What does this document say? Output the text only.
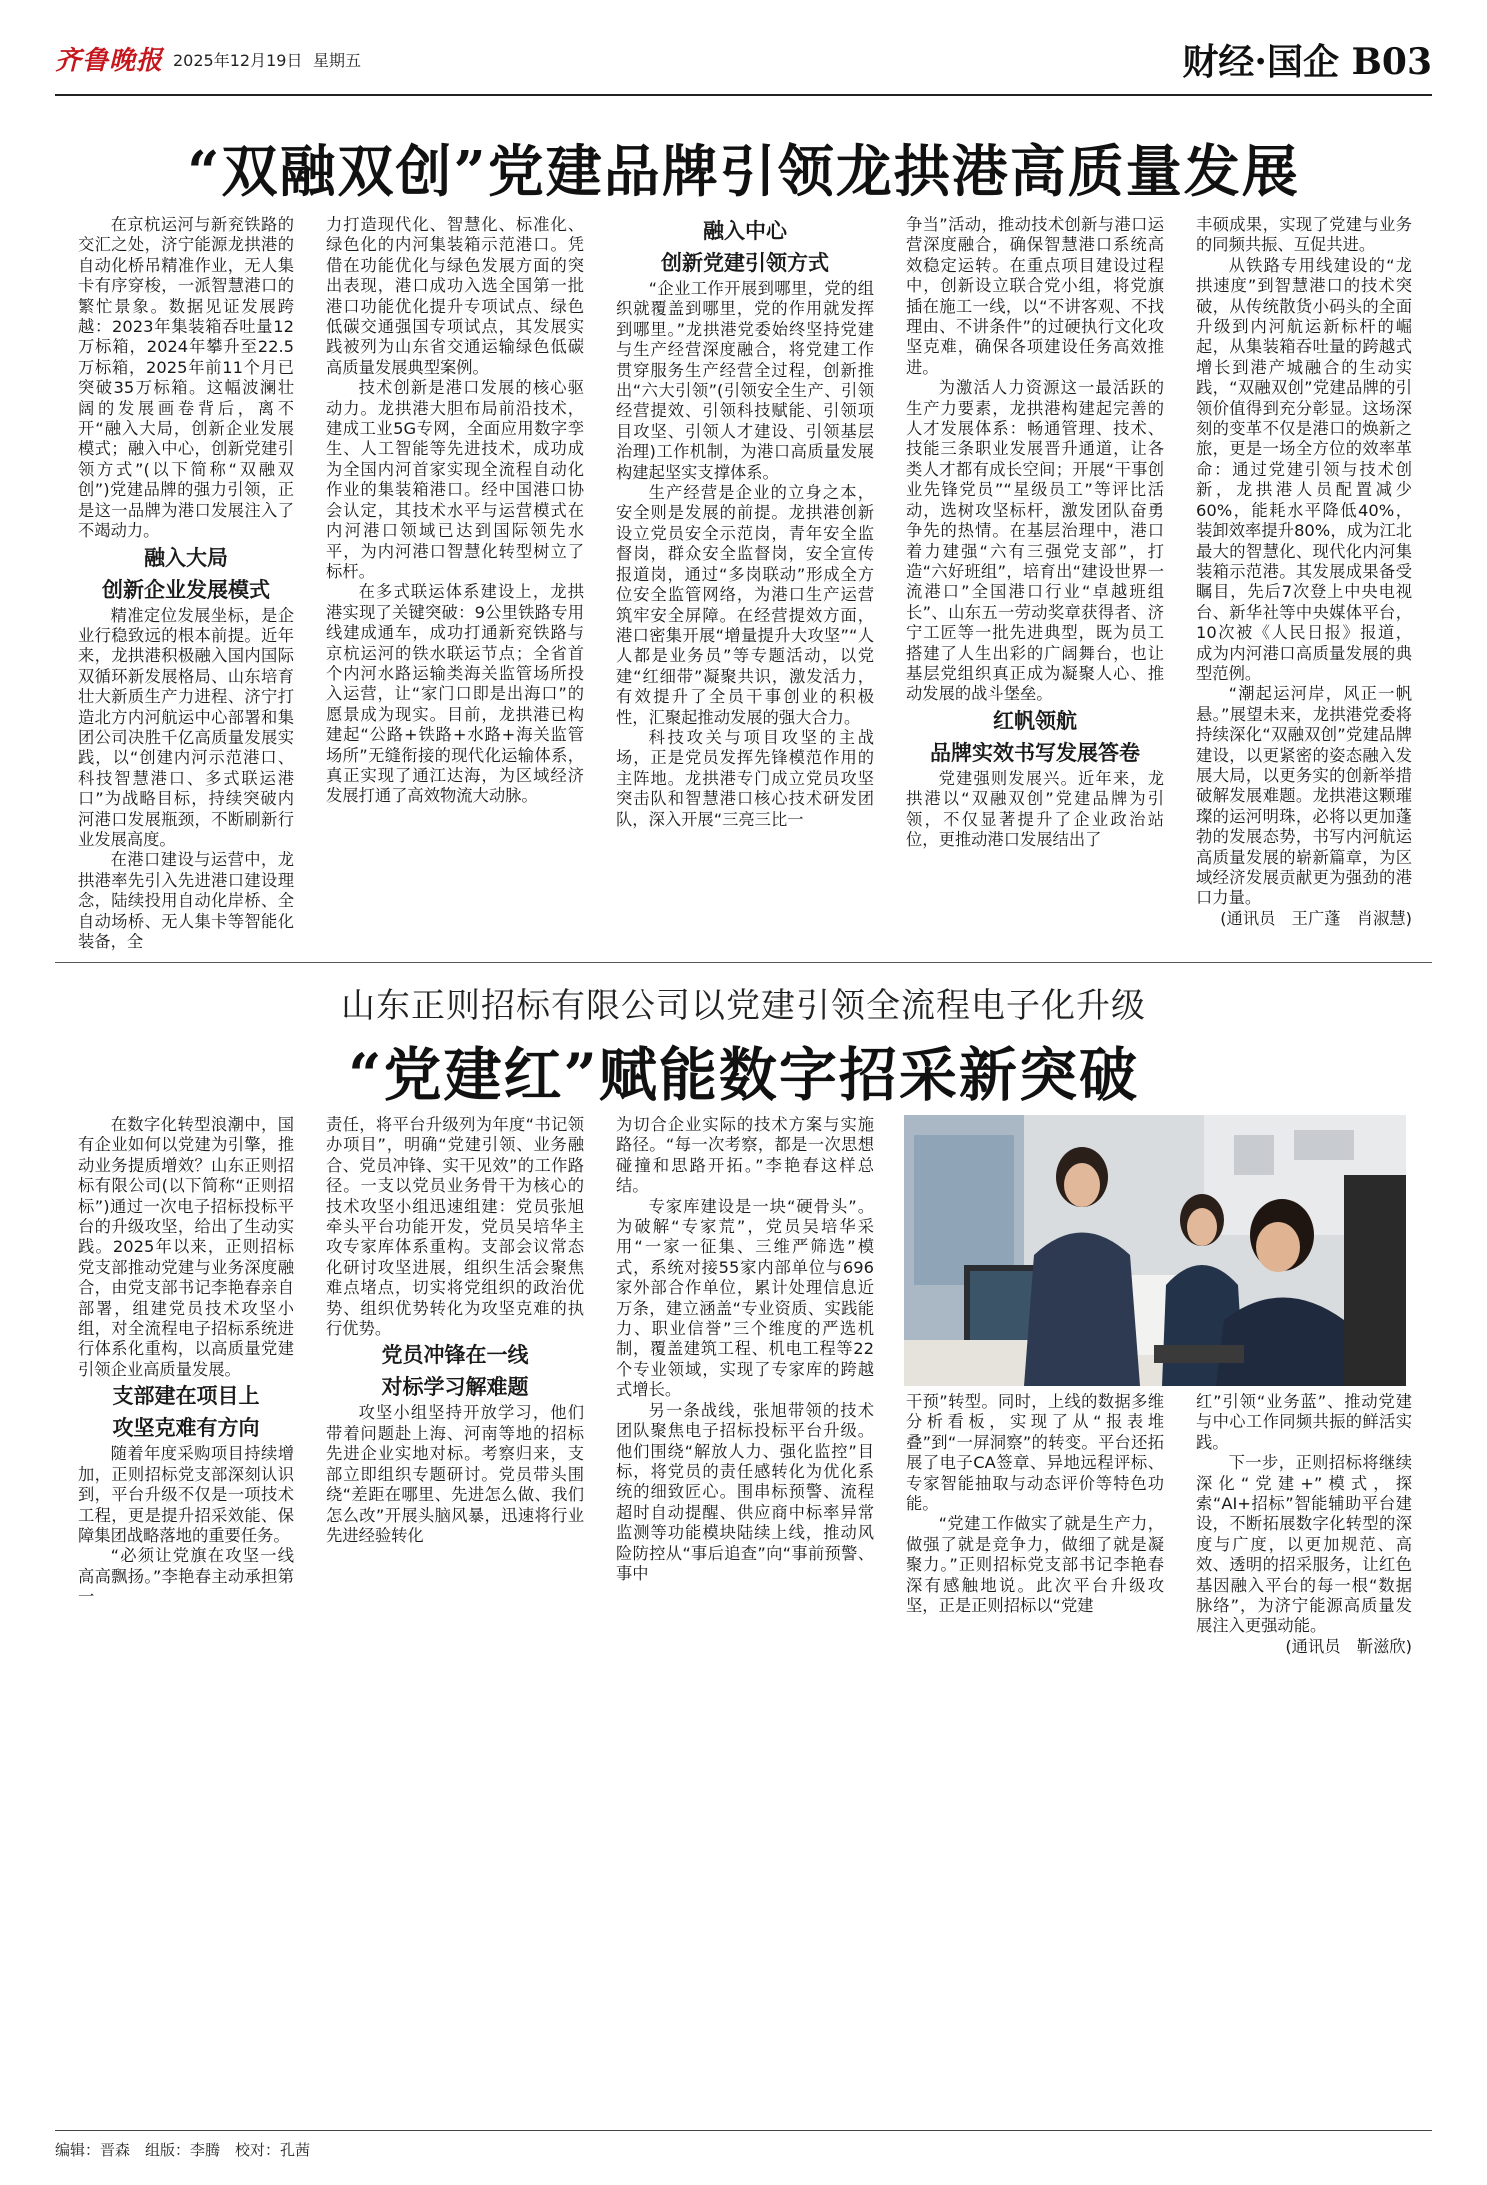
齐鲁晚报 2025年12月19日 星期五	财经·国企 B03
“双融双创”党建品牌引领龙拱港高质量发展

在京杭运河与新兖铁路的交汇之处，济宁能源龙拱港的自动化桥吊精准作业，无人集卡有序穿梭，一派智慧港口的繁忙景象。数据见证发展跨越：2023年集装箱吞吐量12万标箱，2024年攀升至22.5万标箱，2025年前11个月已突破35万标箱。这幅波澜壮阔的发展画卷背后，离不开“融入大局，创新企业发展模式；融入中心，创新党建引领方式”(以下简称“双融双创”)党建品牌的强力引领，正是这一品牌为港口发展注入了不竭动力。

融入大局
创新企业发展模式

精准定位发展坐标，是企业行稳致远的根本前提。近年来，龙拱港积极融入国内国际双循环新发展格局、山东培育壮大新质生产力进程、济宁打造北方内河航运中心部署和集团公司决胜千亿高质量发展实践，以“创建内河示范港口、科技智慧港口、多式联运港口”为战略目标，持续突破内河港口发展瓶颈，不断刷新行业发展高度。

在港口建设与运营中，龙拱港率先引入先进港口建设理念，陆续投用自动化岸桥、全自动场桥、无人集卡等智能化装备，全

力打造现代化、智慧化、标准化、绿色化的内河集装箱示范港口。凭借在功能优化与绿色发展方面的突出表现，港口成功入选全国第一批港口功能优化提升专项试点、绿色低碳交通强国专项试点，其发展实践被列为山东省交通运输绿色低碳高质量发展典型案例。

技术创新是港口发展的核心驱动力。龙拱港大胆布局前沿技术，建成工业5G专网，全面应用数字孪生、人工智能等先进技术，成功成为全国内河首家实现全流程自动化作业的集装箱港口。经中国港口协会认定，其技术水平与运营模式在内河港口领域已达到国际领先水平，为内河港口智慧化转型树立了标杆。

在多式联运体系建设上，龙拱港实现了关键突破：9公里铁路专用线建成通车，成功打通新兖铁路与京杭运河的铁水联运节点；全省首个内河水路运输类海关监管场所投入运营，让“家门口即是出海口”的愿景成为现实。目前，龙拱港已构建起“公路+铁路+水路+海关监管场所”无缝衔接的现代化运输体系，真正实现了通江达海，为区域经济发展打通了高效物流大动脉。

融入中心
创新党建引领方式

“企业工作开展到哪里，党的组织就覆盖到哪里，党的作用就发挥到哪里。”龙拱港党委始终坚持党建与生产经营深度融合，将党建工作贯穿服务生产经营全过程，创新推出“六大引领”(引领安全生产、引领经营提效、引领科技赋能、引领项目攻坚、引领人才建设、引领基层治理)工作机制，为港口高质量发展构建起坚实支撑体系。

生产经营是企业的立身之本，安全则是发展的前提。龙拱港创新设立党员安全示范岗，青年安全监督岗，群众安全监督岗，安全宣传报道岗，通过“多岗联动”形成全方位安全监管网络，为港口生产运营筑牢安全屏障。在经营提效方面，港口密集开展“增量提升大攻坚”“人人都是业务员”等专题活动，以党建“红细带”凝聚共识，激发活力，有效提升了全员干事创业的积极性，汇聚起推动发展的强大合力。

科技攻关与项目攻坚的主战场，正是党员发挥先锋模范作用的主阵地。龙拱港专门成立党员攻坚突击队和智慧港口核心技术研发团队，深入开展“三亮三比一

争当”活动，推动技术创新与港口运营深度融合，确保智慧港口系统高效稳定运转。在重点项目建设过程中，创新设立联合党小组，将党旗插在施工一线，以“不讲客观、不找理由、不讲条件”的过硬执行文化攻坚克难，确保各项建设任务高效推进。

为激活人力资源这一最活跃的生产力要素，龙拱港构建起完善的人才发展体系：畅通管理、技术、技能三条职业发展晋升通道，让各类人才都有成长空间；开展“干事创业先锋党员”“星级员工”等评比活动，选树攻坚标杆，激发团队奋勇争先的热情。在基层治理中，港口着力建强“六有三强党支部”，打造“六好班组”，培育出“建设世界一流港口”全国港口行业“卓越班组长”、山东五一劳动奖章获得者、济宁工匠等一批先进典型，既为员工搭建了人生出彩的广阔舞台，也让基层党组织真正成为凝聚人心、推动发展的战斗堡垒。

红帆领航
品牌实效书写发展答卷

党建强则发展兴。近年来，龙拱港以“双融双创”党建品牌为引领，不仅显著提升了企业政治站位，更推动港口发展结出了

丰硕成果，实现了党建与业务的同频共振、互促共进。

从铁路专用线建设的“龙拱速度”到智慧港口的技术突破，从传统散货小码头的全面升级到内河航运新标杆的崛起，从集装箱吞吐量的跨越式增长到港产城融合的生动实践，“双融双创”党建品牌的引领价值得到充分彰显。这场深刻的变革不仅是港口的焕新之旅，更是一场全方位的效率革命：通过党建引领与技术创新，龙拱港人员配置减少60%，能耗水平降低40%，装卸效率提升80%，成为江北最大的智慧化、现代化内河集装箱示范港。其发展成果备受瞩目，先后7次登上中央电视台、新华社等中央媒体平台，10次被《人民日报》报道，成为内河港口高质量发展的典型范例。

“潮起运河岸，风正一帆悬。”展望未来，龙拱港党委将持续深化“双融双创”党建品牌建设，以更紧密的姿态融入发展大局，以更务实的创新举措破解发展难题。龙拱港这颗璀璨的运河明珠，必将以更加蓬勃的发展态势，书写内河航运高质量发展的崭新篇章，为区域经济发展贡献更为强劲的港口力量。

(通讯员　王广蓬　肖淑慧)

山东正则招标有限公司以党建引领全流程电子化升级
“党建红”赋能数字招采新突破

在数字化转型浪潮中，国有企业如何以党建为引擎，推动业务提质增效？山东正则招标有限公司(以下简称“正则招标”)通过一次电子招标投标平台的升级攻坚，给出了生动实践。2025年以来，正则招标党支部推动党建与业务深度融合，由党支部书记李艳春亲自部署，组建党员技术攻坚小组，对全流程电子招标系统进行体系化重构，以高质量党建引领企业高质量发展。

支部建在项目上
攻坚克难有方向

随着年度采购项目持续增加，正则招标党支部深刻认识到，平台升级不仅是一项技术工程，更是提升招采效能、保障集团战略落地的重要任务。

“必须让党旗在攻坚一线高高飘扬。”李艳春主动承担第一

责任，将平台升级列为年度“书记领办项目”，明确“党建引领、业务融合、党员冲锋、实干见效”的工作路径。一支以党员业务骨干为核心的技术攻坚小组迅速组建：党员张旭牵头平台功能开发，党员吴培华主攻专家库体系重构。支部会议常态化研讨攻坚进展，组织生活会聚焦难点堵点，切实将党组织的政治优势、组织优势转化为攻坚克难的执行优势。

党员冲锋在一线
对标学习解难题

攻坚小组坚持开放学习，他们带着问题赴上海、河南等地的招标先进企业实地对标。考察归来，支部立即组织专题研讨。党员带头围绕“差距在哪里、先进怎么做、我们怎么改”开展头脑风暴，迅速将行业先进经验转化

为切合企业实际的技术方案与实施路径。“每一次考察，都是一次思想碰撞和思路开拓。”李艳春这样总结。

专家库建设是一块“硬骨头”。为破解“专家荒”，党员吴培华采用“一家一征集、三维严筛选”模式，系统对接55家内部单位与696家外部合作单位，累计处理信息近万条，建立涵盖“专业资质、实践能力、职业信誉”三个维度的严选机制，覆盖建筑工程、机电工程等22个专业领域，实现了专家库的跨越式增长。

另一条战线，张旭带领的技术团队聚焦电子招标投标平台升级。他们围绕“解放人力、强化监控”目标，将党员的责任感转化为优化系统的细致匠心。围串标预警、流程超时自动提醒、供应商中标率异常监测等功能模块陆续上线，推动风险防控从“事后追查”向“事前预警、事中

干预”转型。同时，上线的数据多维分析看板，实现了从“报表堆叠”到“一屏洞察”的转变。平台还拓展了电子CA签章、异地远程评标、专家智能抽取与动态评价等特色功能。

“党建工作做实了就是生产力，做强了就是竞争力，做细了就是凝聚力。”正则招标党支部书记李艳春深有感触地说。此次平台升级攻坚，正是正则招标以“党建

红”引领“业务蓝”、推动党建与中心工作同频共振的鲜活实践。

下一步，正则招标将继续深化“党建+”模式，探索“AI+招标”智能辅助平台建设，不断拓展数字化转型的深度与广度，以更加规范、高效、透明的招采服务，让红色基因融入平台的每一根“数据脉络”，为济宁能源高质量发展注入更强动能。

(通讯员　靳滋欣)

编辑：晋森　组版：李腾　校对：孔茜
